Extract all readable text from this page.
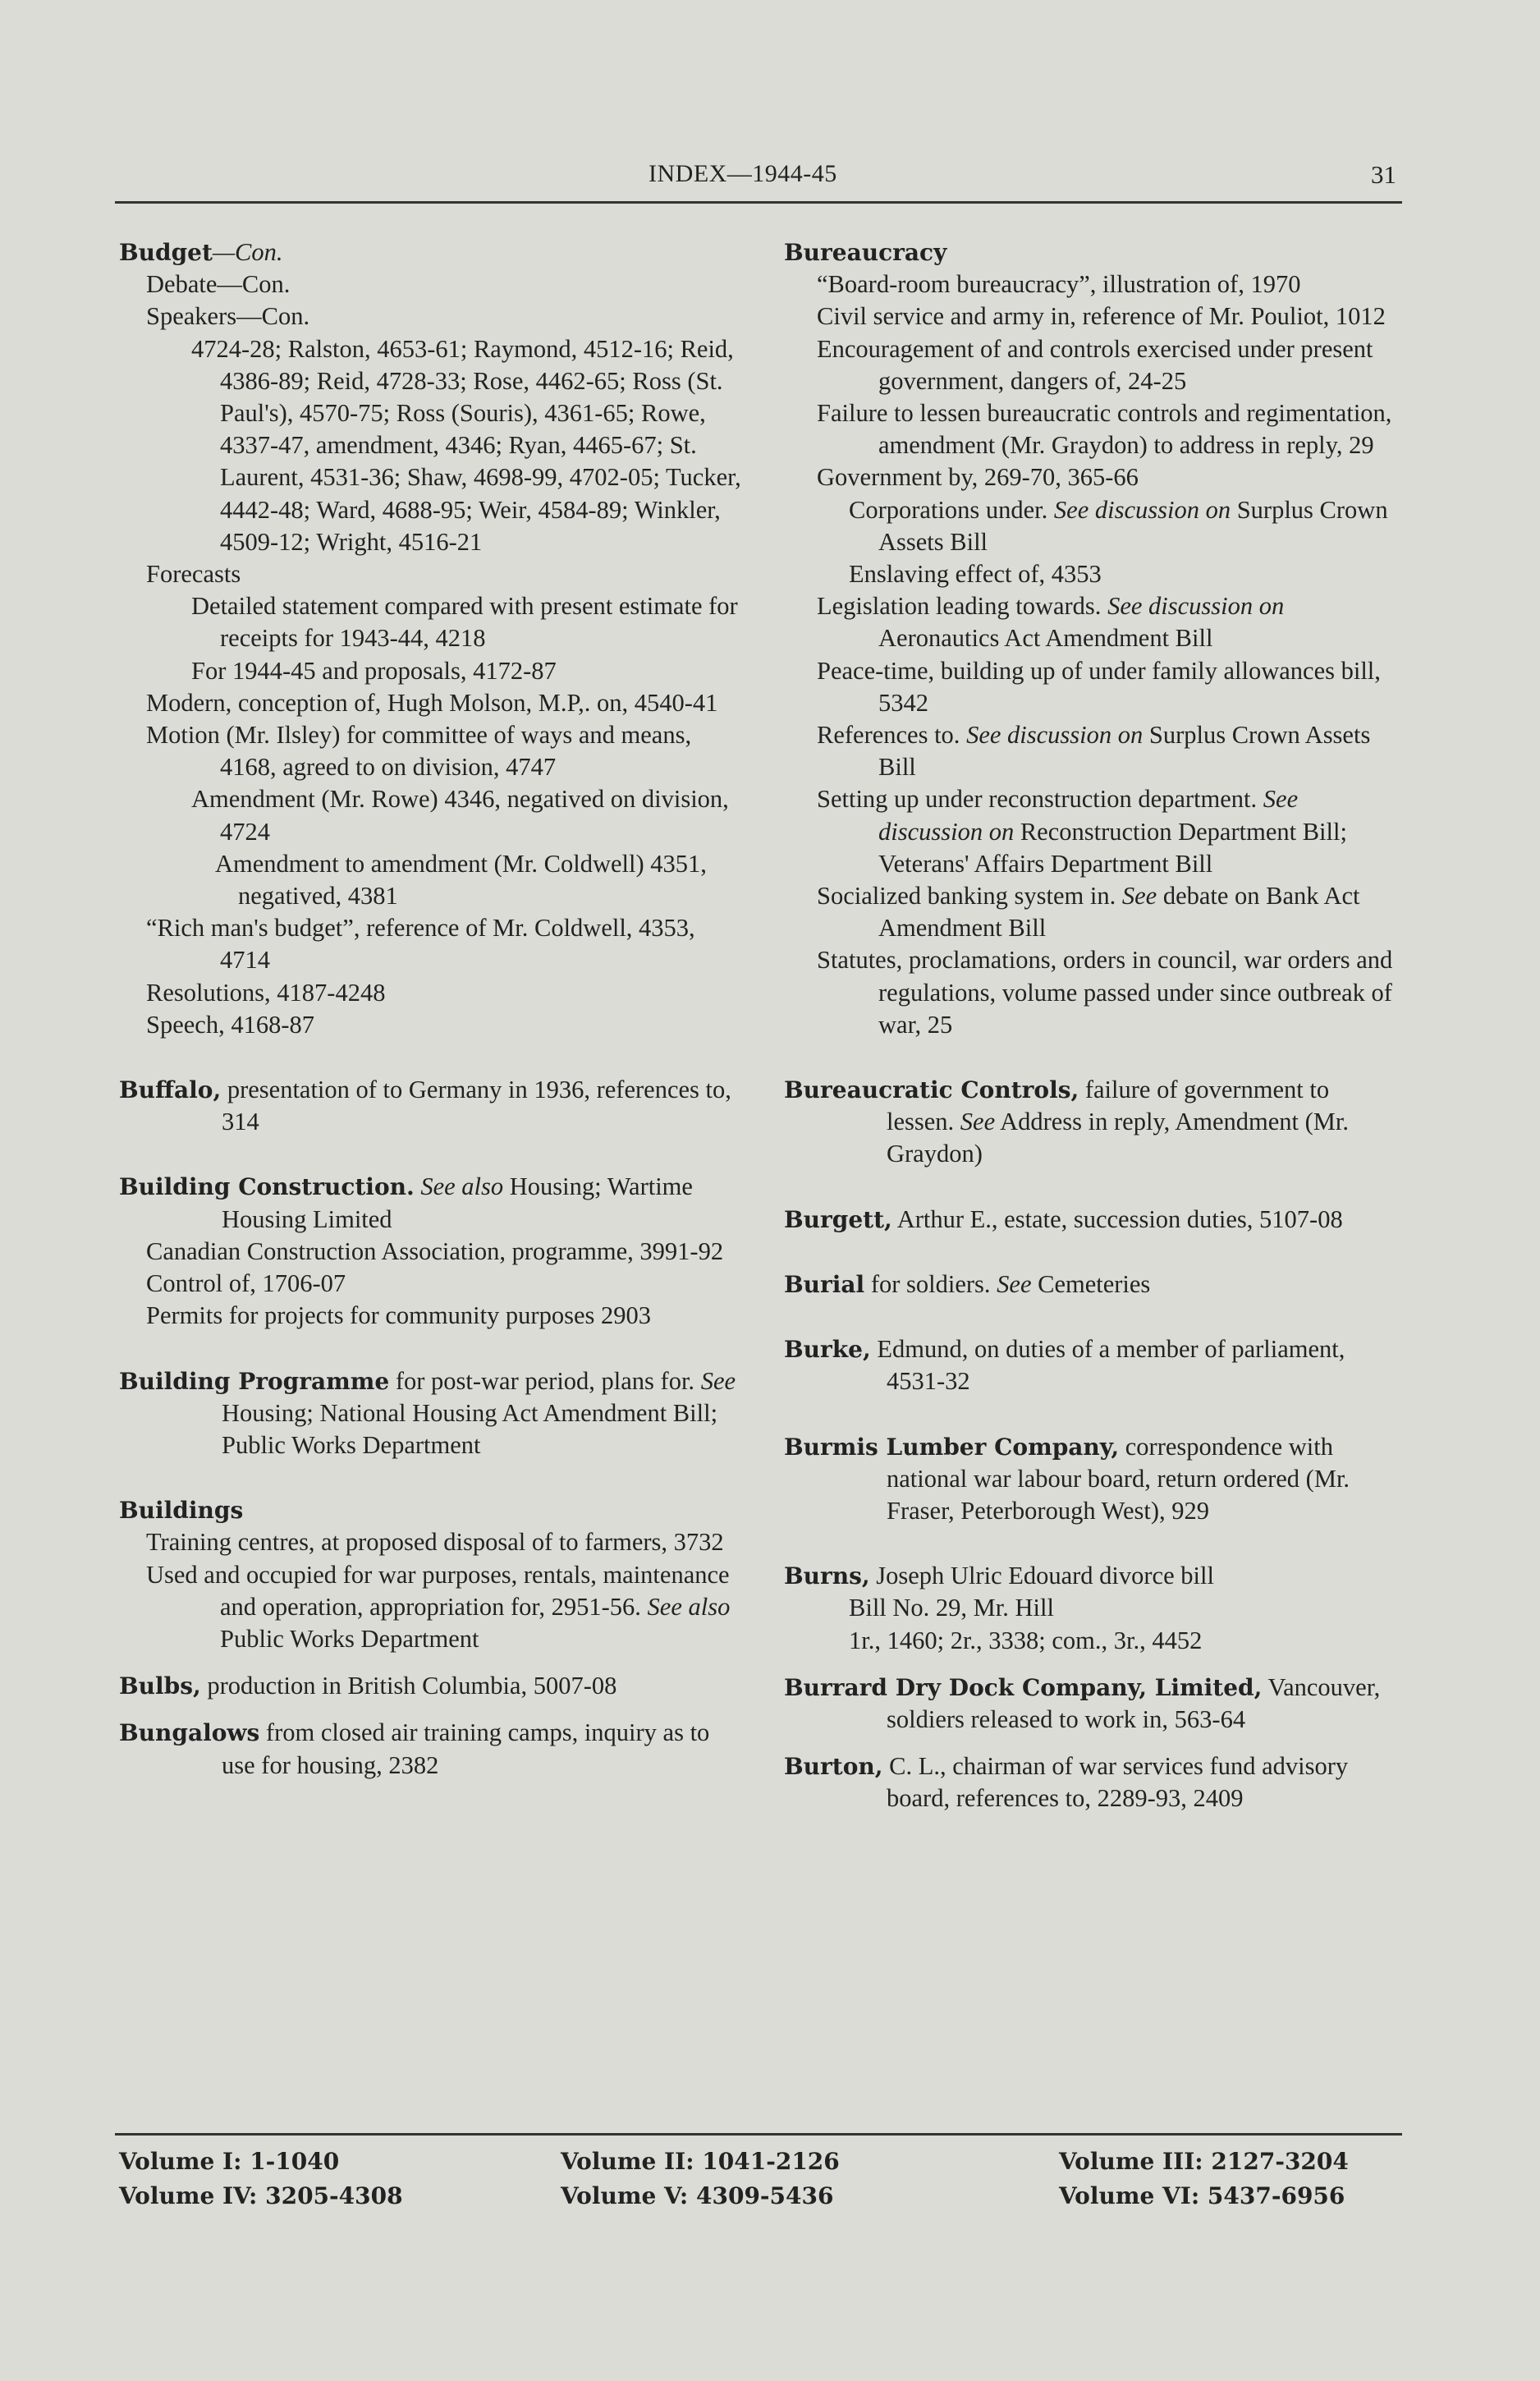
INDEX—1944-45	31
Budget—Con.
Debate—Con.
Speakers—Con.
4724-28; Ralston, 4653-61; Raymond, 4512-16; Reid, 4386-89; Reid, 4728-33; Rose, 4462-65; Ross (St. Paul's), 4570-75; Ross (Souris), 4361-65; Rowe, 4337-47, amendment, 4346; Ryan, 4465-67; St. Laurent, 4531-36; Shaw, 4698-99, 4702-05; Tucker, 4442-48; Ward, 4688-95; Weir, 4584-89; Winkler, 4509-12; Wright, 4516-21
Forecasts
Detailed statement compared with present estimate for receipts for 1943-44, 4218
For 1944-45 and proposals, 4172-87
Modern, conception of, Hugh Molson, M.P,. on, 4540-41
Motion (Mr. Ilsley) for committee of ways and means, 4168, agreed to on division, 4747
Amendment (Mr. Rowe) 4346, negatived on division, 4724
Amendment to amendment (Mr. Coldwell) 4351, negatived, 4381
“Rich man's budget”, reference of Mr. Coldwell, 4353, 4714
Resolutions, 4187-4248
Speech, 4168-87
Buffalo, presentation of to Germany in 1936, references to, 314
Building Construction. See also Housing; Wartime Housing Limited
Canadian Construction Association, programme, 3991-92
Control of, 1706-07
Permits for projects for community purposes 2903
Building Programme for post-war period, plans for. See Housing; National Housing Act Amendment Bill; Public Works Department
Buildings
Training centres, at proposed disposal of to farmers, 3732
Used and occupied for war purposes, rentals, maintenance and operation, appropriation for, 2951-56. See also Public Works Department
Bulbs, production in British Columbia, 5007-08
Bungalows from closed air training camps, inquiry as to use for housing, 2382
Bureaucracy
“Board-room bureaucracy”, illustration of, 1970
Civil service and army in, reference of Mr. Pouliot, 1012
Encouragement of and controls exercised under present government, dangers of, 24-25
Failure to lessen bureaucratic controls and regimentation, amendment (Mr. Graydon) to address in reply, 29
Government by, 269-70, 365-66
Corporations under. See discussion on Surplus Crown Assets Bill
Enslaving effect of, 4353
Legislation leading towards. See discussion on Aeronautics Act Amendment Bill
Peace-time, building up of under family allowances bill, 5342
References to. See discussion on Surplus Crown Assets Bill
Setting up under reconstruction department. See discussion on Reconstruction Department Bill; Veterans' Affairs Department Bill
Socialized banking system in. See debate on Bank Act Amendment Bill
Statutes, proclamations, orders in council, war orders and regulations, volume passed under since outbreak of war, 25
Bureaucratic Controls, failure of government to lessen. See Address in reply, Amendment (Mr. Graydon)
Burgett, Arthur E., estate, succession duties, 5107-08
Burial for soldiers. See Cemeteries
Burke, Edmund, on duties of a member of parliament, 4531-32
Burmis Lumber Company, correspondence with national war labour board, return ordered (Mr. Fraser, Peterborough West), 929
Burns, Joseph Ulric Edouard divorce bill
Bill No. 29, Mr. Hill
1r., 1460; 2r., 3338; com., 3r., 4452
Burrard Dry Dock Company, Limited, Vancouver, soldiers released to work in, 563-64
Burton, C. L., chairman of war services fund advisory board, references to, 2289-93, 2409
Volume I: 1-1040
Volume IV: 3205-4308
Volume II: 1041-2126
Volume V: 4309-5436
Volume III: 2127-3204
Volume VI: 5437-6956
